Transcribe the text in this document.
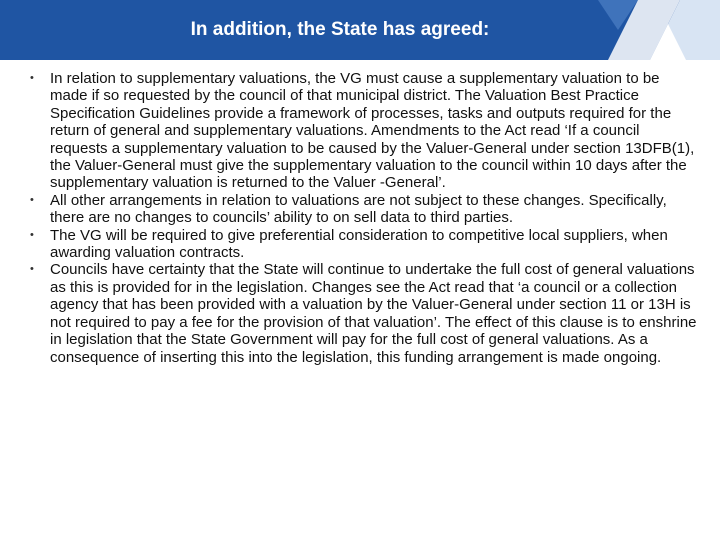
In addition, the State has agreed:
• In relation to supplementary valuations, the VG must cause a supplementary valuation to be made if so requested by the council of that municipal district. The Valuation Best Practice Specification Guidelines provide a framework of processes, tasks and outputs required for the return of general and supplementary valuations. Amendments to the Act read ‘If a council requests a supplementary valuation to be caused by the Valuer-General under section 13DFB(1), the Valuer-General must give the supplementary valuation to the council within 10 days after the supplementary valuation is returned to the Valuer -General’.
• All other arrangements in relation to valuations are not subject to these changes. Specifically, there are no changes to councils’ ability to on sell data to third parties.
• The VG will be required to give preferential consideration to competitive local suppliers, when awarding valuation contracts.
• Councils have certainty that the State will continue to undertake the full cost of general valuations as this is provided for in the legislation. Changes see the Act read that ‘a council or a collection agency that has been provided with a valuation by the Valuer-General under section 11 or 13H is not required to pay a fee for the provision of that valuation’. The effect of this clause is to enshrine in legislation that the State Government will pay for the full cost of general valuations. As a consequence of inserting this into the legislation, this funding arrangement is made ongoing.
